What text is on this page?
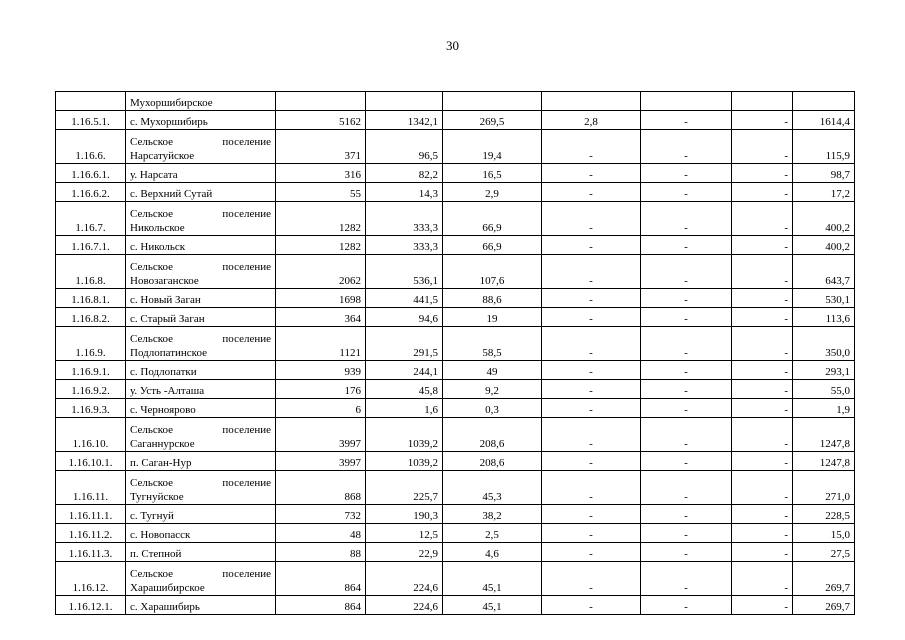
30
	Мухоршибирское							
1.16.5.1.	с. Мухоршибирь	5162	1342,1	269,5	2,8	-	-	1614,4
1.16.6.	Сельское поселение
Нарсатуйское	371	96,5	19,4	-	-	-	115,9
1.16.6.1.	у. Нарсата	316	82,2	16,5	-	-	-	98,7
1.16.6.2.	с. Верхний Сутай	55	14,3	2,9	-	-	-	17,2
1.16.7.	Сельское поселение
Никольское	1282	333,3	66,9	-	-	-	400,2
1.16.7.1.	с. Никольск	1282	333,3	66,9	-	-	-	400,2
1.16.8.	Сельское поселение
Новозаганское	2062	536,1	107,6	-	-	-	643,7
1.16.8.1.	с. Новый Заган	1698	441,5	88,6	-	-	-	530,1
1.16.8.2.	с. Старый Заган	364	94,6	19	-	-	-	113,6
1.16.9.	Сельское поселение
Подлопатинское	1121	291,5	58,5	-	-	-	350,0
1.16.9.1.	с. Подлопатки	939	244,1	49	-	-	-	293,1
1.16.9.2.	у. Усть -Алташа	176	45,8	9,2	-	-	-	55,0
1.16.9.3.	с. Черноярово	6	1,6	0,3	-	-	-	1,9
1.16.10.	Сельское поселение
Саганнурское	3997	1039,2	208,6	-	-	-	1247,8
1.16.10.1.	п. Саган-Нур	3997	1039,2	208,6	-	-	-	1247,8
1.16.11.	Сельское поселение
Тугнуйское	868	225,7	45,3	-	-	-	271,0
1.16.11.1.	с. Тугнуй	732	190,3	38,2	-	-	-	228,5
1.16.11.2.	с. Новопасск	48	12,5	2,5	-	-	-	15,0
1.16.11.3.	п. Степной	88	22,9	4,6	-	-	-	27,5
1.16.12.	Сельское поселение
Харашибирское	864	224,6	45,1	-	-	-	269,7
1.16.12.1.	с. Харашибирь	864	224,6	45,1	-	-	-	269,7
